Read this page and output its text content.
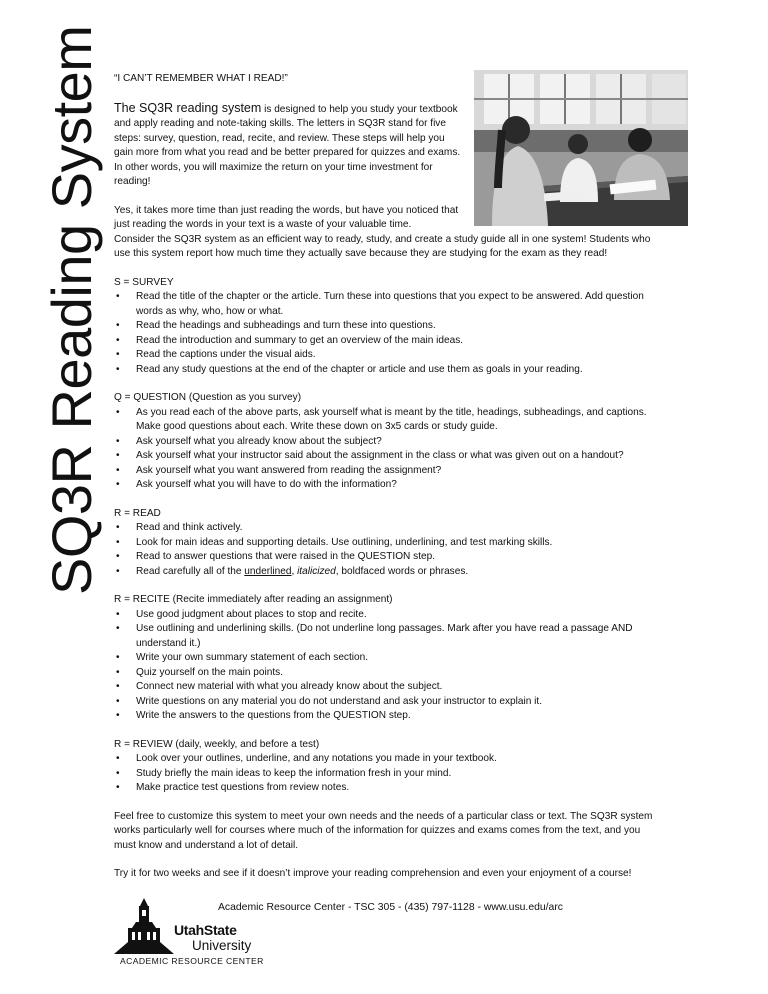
SQ3R Reading System “I CAN’T REMEMBER WHAT I READ!”

The SQ3R reading system is designed to help you study your textbook and apply reading and note-taking skills. The letters in SQ3R stand for five steps: survey, question, read, recite, and review. These steps will help you gain more from what you read and be better prepared for quizzes and exams. In other words, you will maximize the return on your time investment for reading!

Yes, it takes more time than just reading the words, but have you noticed that just reading the words in your text is a waste of your valuable time.
Consider the SQ3R system as an efficient way to ready, study, and create a study guide all in one system! Students who use this system report how much time they actually save because they are studying for the exam as they read!

S = SURVEY

• Read the title of the chapter or the article. Turn these into questions that you expect to be answered. Add question words as why, who, how or what.
• Read the headings and subheadings and turn these into questions.
• Read the introduction and summary to get an overview of the main ideas.
• Read the captions under the visual aids.
• Read any study questions at the end of the chapter or article and use them as goals in your reading.

Q = QUESTION (Question as you survey)

• As you read each of the above parts, ask yourself what is meant by the title, headings, subheadings, and captions. Make good questions about each. Write these down on 3x5 cards or study guide.
• Ask yourself what you already know about the subject?
• Ask yourself what your instructor said about the assignment in the class or what was given out on a handout?
• Ask yourself what you want answered from reading the assignment?
• Ask yourself what you will have to do with the information?

R = READ

• Read and think actively.
• Look for main ideas and supporting details. Use outlining, underlining, and test marking skills.
• Read to answer questions that were raised in the QUESTION step.
• Read carefully all of the underlined, italicized, boldfaced words or phrases.

R = RECITE (Recite immediately after reading an assignment)

• Use good judgment about places to stop and recite.
• Use outlining and underlining skills. (Do not underline long passages. Mark after you have read a passage AND understand it.)
• Write your own summary statement of each section.
• Quiz yourself on the main points.
• Connect new material with what you already know about the subject.
• Write questions on any material you do not understand and ask your instructor to explain it.
• Write the answers to the questions from the QUESTION step.

R = REVIEW (daily, weekly, and before a test)

• Look over your outlines, underline, and any notations you made in your textbook.
• Study briefly the main ideas to keep the information fresh in your mind.
• Make practice test questions from review notes.

Feel free to customize this system to meet your own needs and the needs of a particular class or text. The SQ3R system works particularly well for courses where much of the information for quizzes and exams comes from the text, and you must know and understand a lot of detail.

Try it for two weeks and see if it doesn’t improve your reading comprehension and even your enjoyment of a course!

UtahState
University
ACADEMIC RESOURCE CENTER
Academic Resource Center - TSC 305 - (435) 797-1128 - www.usu.edu/arc
